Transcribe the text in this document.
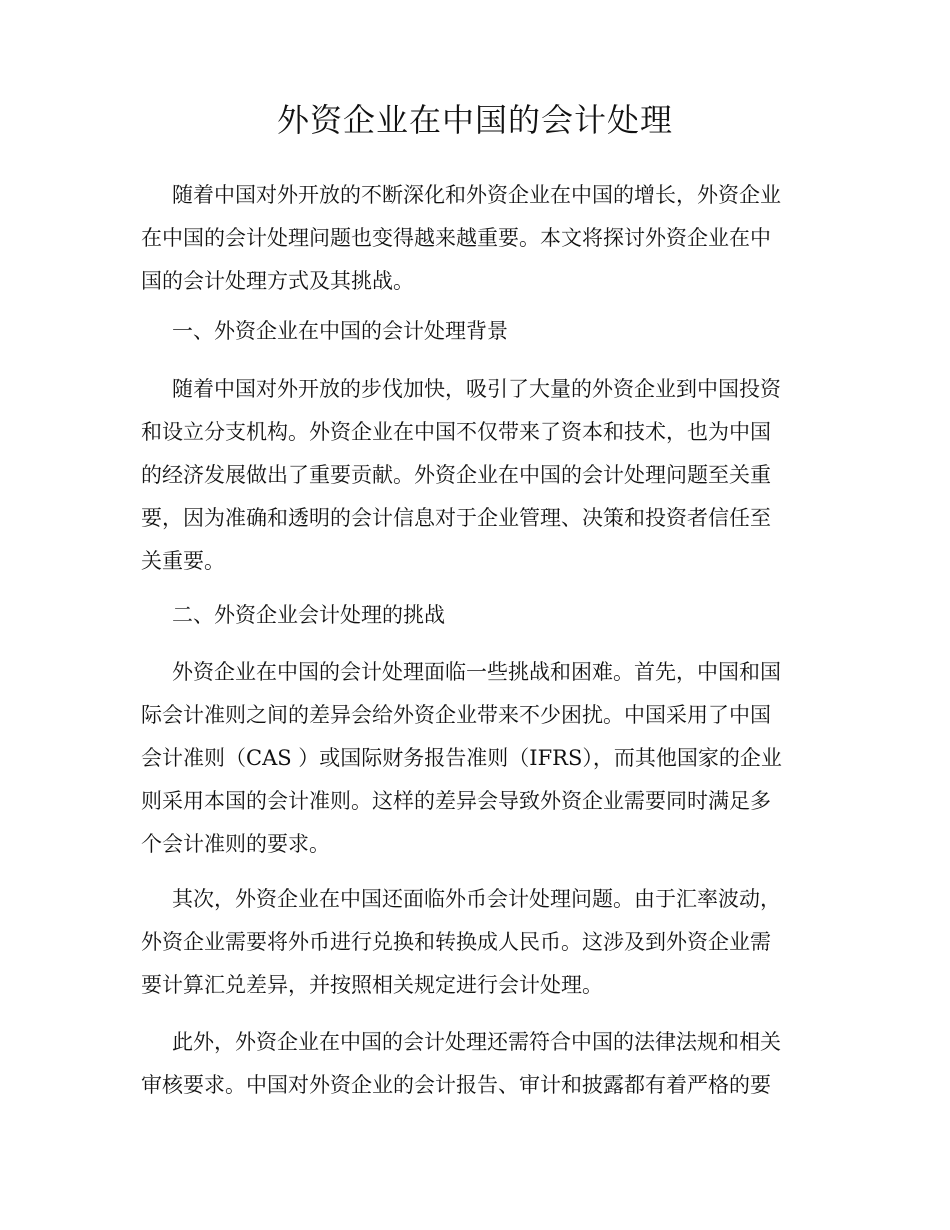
外资企业在中国的会计处理

随着中国对外开放的不断深化和外资企业在中国的增长，外资企业
在中国的会计处理问题也变得越来越重要。本文将探讨外资企业在中
国的会计处理方式及其挑战。

一、外资企业在中国的会计处理背景

随着中国对外开放的步伐加快，吸引了大量的外资企业到中国投资
和设立分支机构。外资企业在中国不仅带来了资本和技术，也为中国
的经济发展做出了重要贡献。外资企业在中国的会计处理问题至关重
要，因为准确和透明的会计信息对于企业管理、决策和投资者信任至
关重要。

二、外资企业会计处理的挑战

外资企业在中国的会计处理面临一些挑战和困难。首先，中国和国
际会计准则之间的差异会给外资企业带来不少困扰。中国采用了中国
会计准则（CAS ）或国际财务报告准则（IFRS），而其他国家的企业
则采用本国的会计准则。这样的差异会导致外资企业需要同时满足多
个会计准则的要求。

其次，外资企业在中国还面临外币会计处理问题。由于汇率波动，
外资企业需要将外币进行兑换和转换成人民币。这涉及到外资企业需
要计算汇兑差异，并按照相关规定进行会计处理。

此外，外资企业在中国的会计处理还需符合中国的法律法规和相关
审核要求。中国对外资企业的会计报告、审计和披露都有着严格的要
